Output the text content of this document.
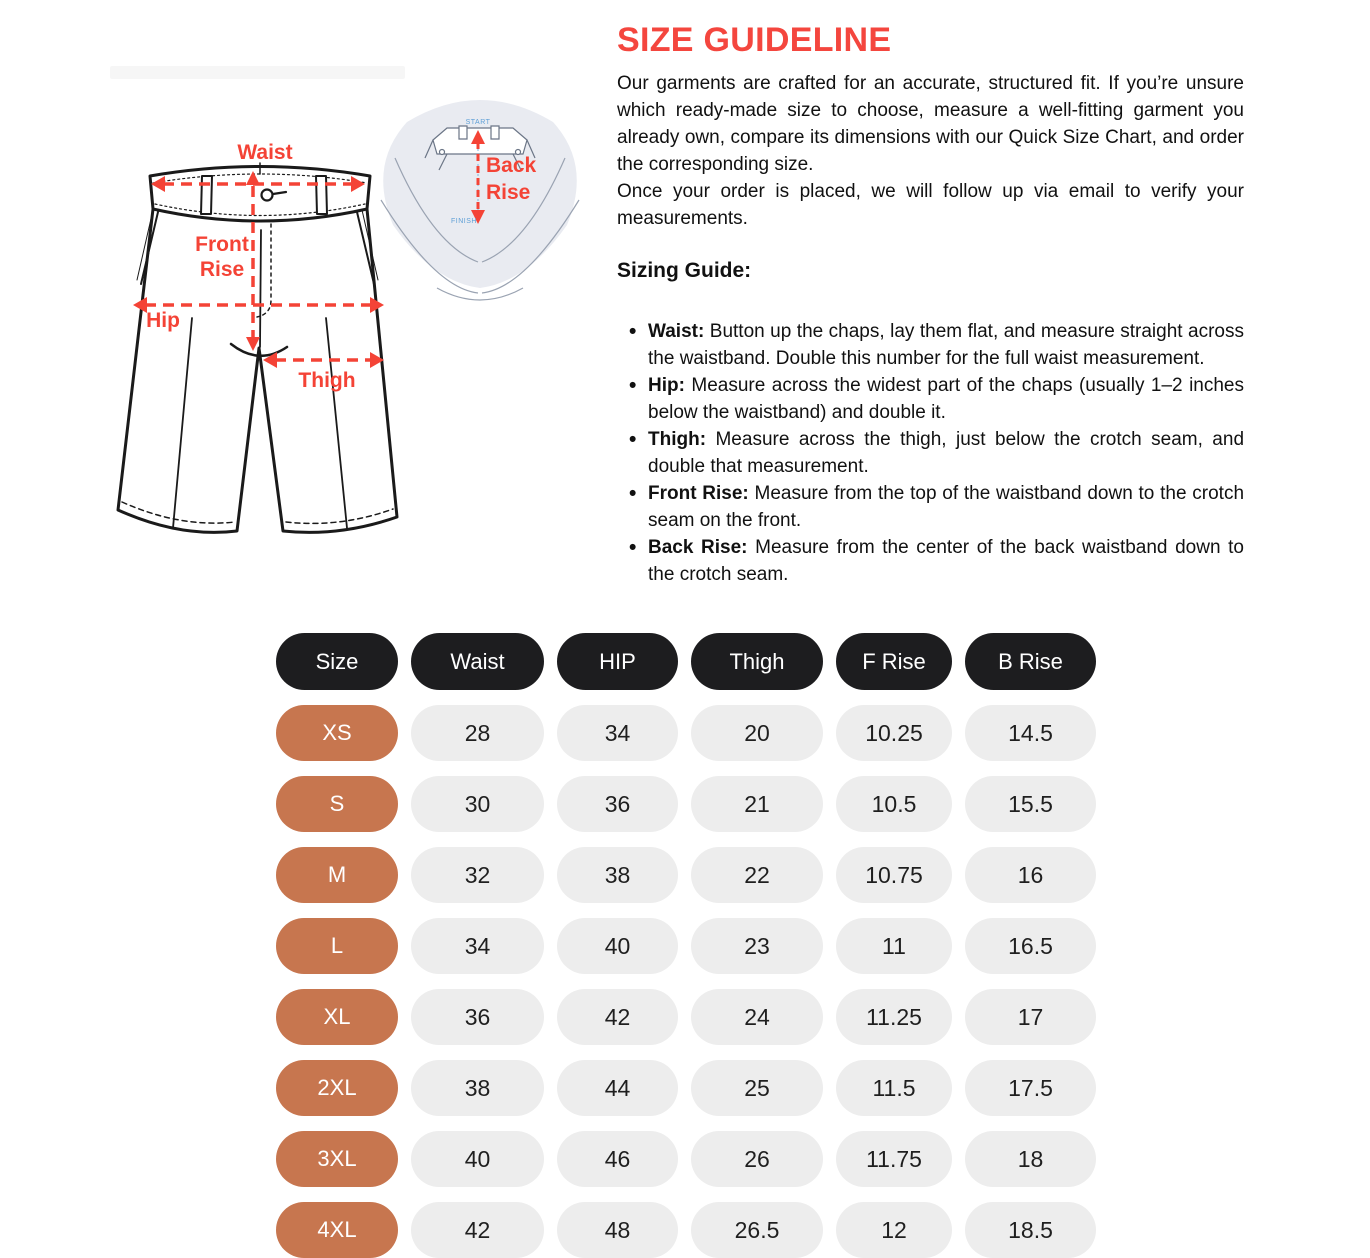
Waist
Front
Rise
Hip
Thigh
START
FINISH
Back
Rise
SIZE GUIDELINE

Our garments are crafted for an accurate, structured fit. If you’re unsure which ready-made size to choose, measure a well-fitting garment you already own, compare its dimensions with our Quick Size Chart, and order the corresponding size.

Once your order is placed, we will follow up via email to verify your measurements.

Sizing Guide:
• Waist: Button up the chaps, lay them flat, and measure straight across the waistband. Double this number for the full waist measurement.
• Hip: Measure across the widest part of the chaps (usually 1–2 inches below the waistband) and double it.
• Thigh: Measure across the thigh, just below the crotch seam, and double that measurement.
• Front Rise: Measure from the top of the waistband down to the crotch seam on the front.
• Back Rise: Measure from the center of the back waistband down to the crotch seam.
Size	Waist	HIP	Thigh	F Rise	B Rise
XS	28	34	20	10.25	14.5
S	30	36	21	10.5	15.5
M	32	38	22	10.75	16
L	34	40	23	11	16.5
XL	36	42	24	11.25	17
2XL	38	44	25	11.5	17.5
3XL	40	46	26	11.75	18
4XL	42	48	26.5	12	18.5
